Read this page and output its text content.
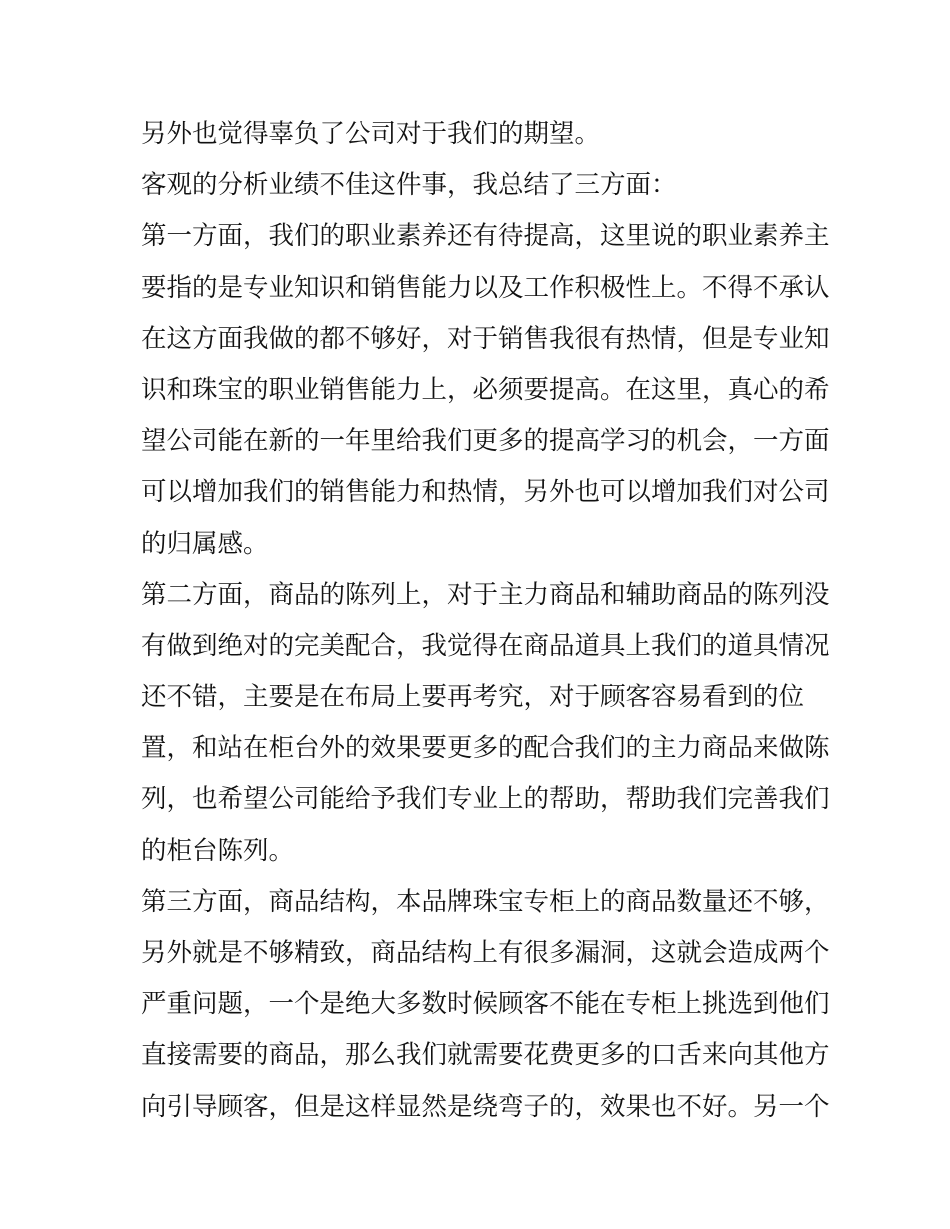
另外也觉得辜负了公司对于我们的期望。
客观的分析业绩不佳这件事，我总结了三方面：
第一方面，我们的职业素养还有待提高，这里说的职业素养主
要指的是专业知识和销售能力以及工作积极性上。不得不承认
在这方面我做的都不够好，对于销售我很有热情，但是专业知
识和珠宝的职业销售能力上，必须要提高。在这里，真心的希
望公司能在新的一年里给我们更多的提高学习的机会，一方面
可以增加我们的销售能力和热情，另外也可以增加我们对公司
的归属感。
第二方面，商品的陈列上，对于主力商品和辅助商品的陈列没
有做到绝对的完美配合，我觉得在商品道具上我们的道具情况
还不错，主要是在布局上要再考究，对于顾客容易看到的位
置，和站在柜台外的效果要更多的配合我们的主力商品来做陈
列，也希望公司能给予我们专业上的帮助，帮助我们完善我们
的柜台陈列。
第三方面，商品结构，本品牌珠宝专柜上的商品数量还不够，
另外就是不够精致，商品结构上有很多漏洞，这就会造成两个
严重问题，一个是绝大多数时候顾客不能在专柜上挑选到他们
直接需要的商品，那么我们就需要花费更多的口舌来向其他方
向引导顾客，但是这样显然是绕弯子的，效果也不好。另一个
